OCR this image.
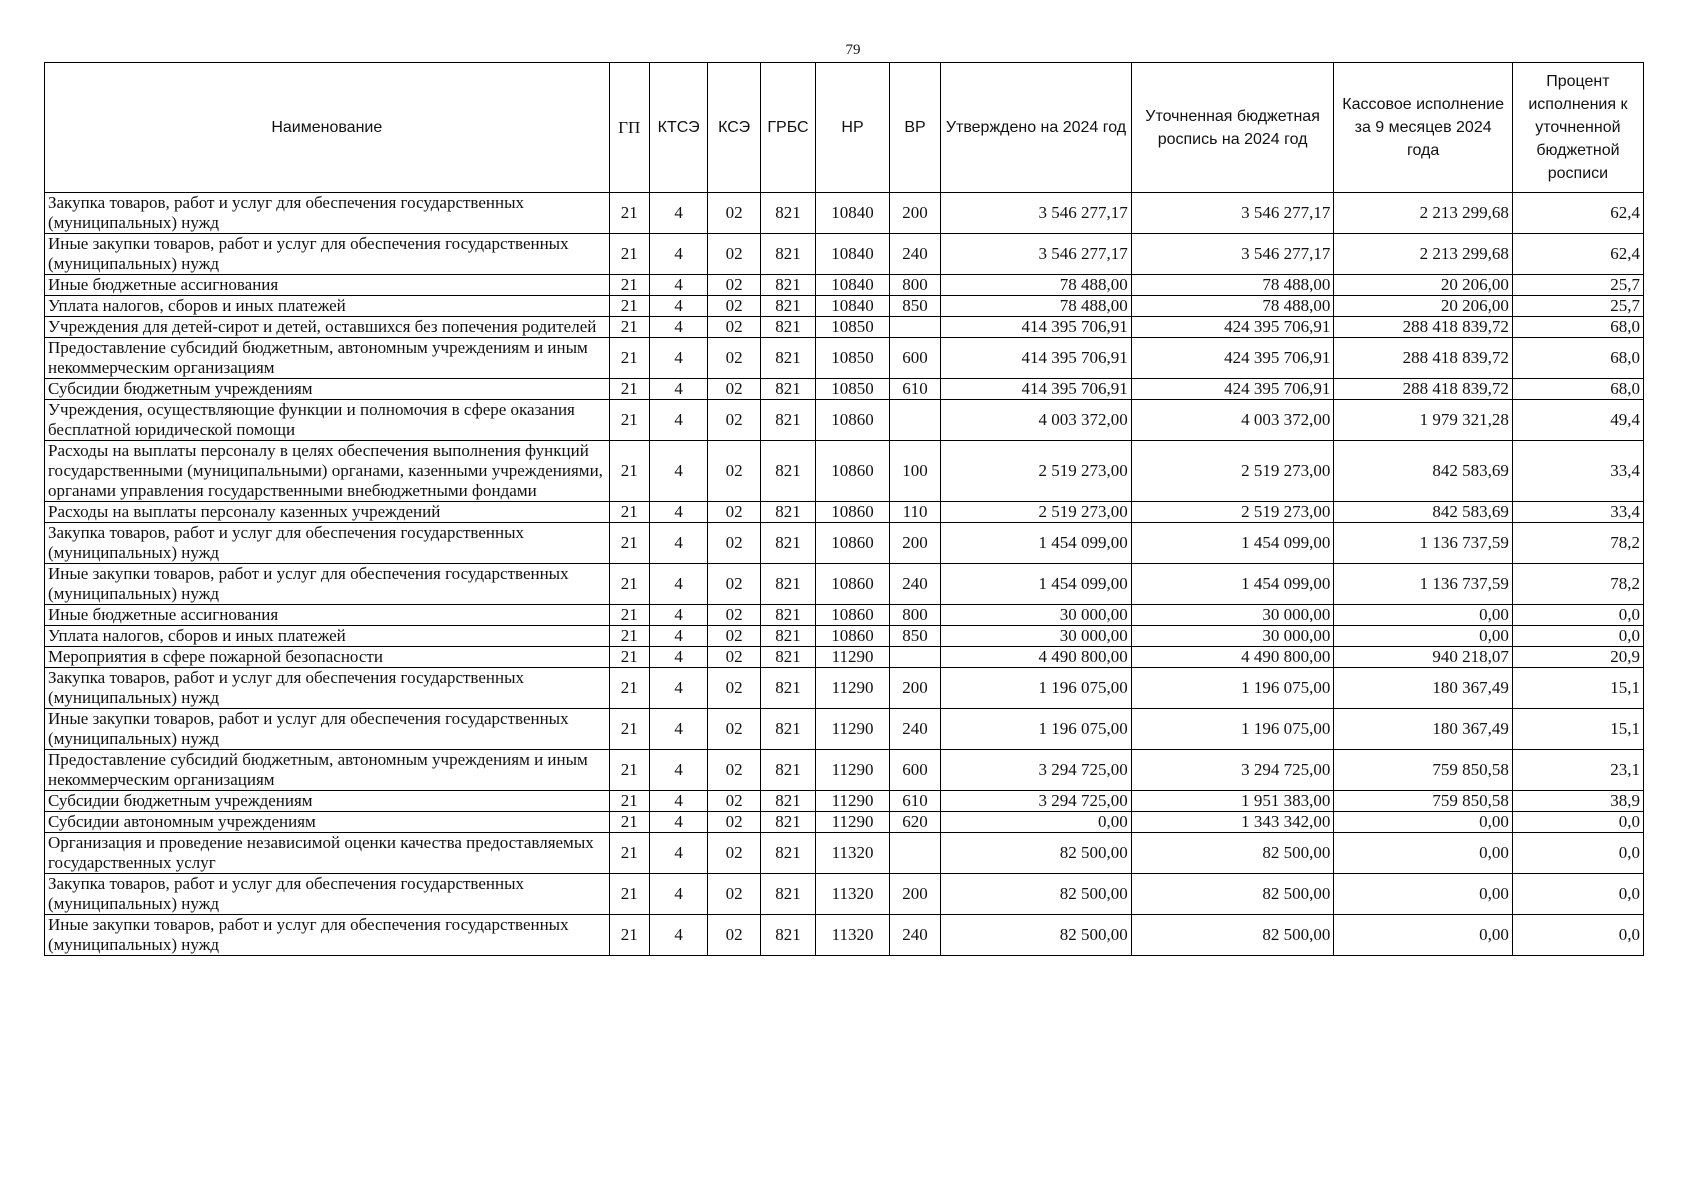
79
Наименование	ГП	КТСЭ	КСЭ	ГРБС	НР	ВР	Утверждено на 2024 год	Уточненная бюджетная роспись на 2024 год	Кассовое исполнение за 9 месяцев 2024 года	Процент исполнения к уточненной бюджетной росписи
Закупка товаров, работ и услуг для обеспечения государственных (муниципальных) нужд	21	4	02	821	10840	200	3 546 277,17	3 546 277,17	2 213 299,68	62,4
Иные закупки товаров, работ и услуг для обеспечения государственных (муниципальных) нужд	21	4	02	821	10840	240	3 546 277,17	3 546 277,17	2 213 299,68	62,4
Иные бюджетные ассигнования	21	4	02	821	10840	800	78 488,00	78 488,00	20 206,00	25,7
Уплата налогов, сборов и иных платежей	21	4	02	821	10840	850	78 488,00	78 488,00	20 206,00	25,7
Учреждения для детей-сирот и детей, оставшихся без попечения родителей	21	4	02	821	10850		414 395 706,91	424 395 706,91	288 418 839,72	68,0
Предоставление субсидий бюджетным, автономным учреждениям и иным некоммерческим организациям	21	4	02	821	10850	600	414 395 706,91	424 395 706,91	288 418 839,72	68,0
Субсидии бюджетным учреждениям	21	4	02	821	10850	610	414 395 706,91	424 395 706,91	288 418 839,72	68,0
Учреждения, осуществляющие функции и полномочия в сфере оказания бесплатной юридической помощи	21	4	02	821	10860		4 003 372,00	4 003 372,00	1 979 321,28	49,4
Расходы на выплаты персоналу в целях обеспечения выполнения функций государственными (муниципальными) органами, казенными учреждениями, органами управления государственными внебюджетными фондами	21	4	02	821	10860	100	2 519 273,00	2 519 273,00	842 583,69	33,4
Расходы на выплаты персоналу казенных учреждений	21	4	02	821	10860	110	2 519 273,00	2 519 273,00	842 583,69	33,4
Закупка товаров, работ и услуг для обеспечения государственных (муниципальных) нужд	21	4	02	821	10860	200	1 454 099,00	1 454 099,00	1 136 737,59	78,2
Иные закупки товаров, работ и услуг для обеспечения государственных (муниципальных) нужд	21	4	02	821	10860	240	1 454 099,00	1 454 099,00	1 136 737,59	78,2
Иные бюджетные ассигнования	21	4	02	821	10860	800	30 000,00	30 000,00	0,00	0,0
Уплата налогов, сборов и иных платежей	21	4	02	821	10860	850	30 000,00	30 000,00	0,00	0,0
Мероприятия в сфере пожарной безопасности	21	4	02	821	11290		4 490 800,00	4 490 800,00	940 218,07	20,9
Закупка товаров, работ и услуг для обеспечения государственных (муниципальных) нужд	21	4	02	821	11290	200	1 196 075,00	1 196 075,00	180 367,49	15,1
Иные закупки товаров, работ и услуг для обеспечения государственных (муниципальных) нужд	21	4	02	821	11290	240	1 196 075,00	1 196 075,00	180 367,49	15,1
Предоставление субсидий бюджетным, автономным учреждениям и иным некоммерческим организациям	21	4	02	821	11290	600	3 294 725,00	3 294 725,00	759 850,58	23,1
Субсидии бюджетным учреждениям	21	4	02	821	11290	610	3 294 725,00	1 951 383,00	759 850,58	38,9
Субсидии автономным учреждениям	21	4	02	821	11290	620	0,00	1 343 342,00	0,00	0,0
Организация и проведение независимой оценки качества предоставляемых государственных услуг	21	4	02	821	11320		82 500,00	82 500,00	0,00	0,0
Закупка товаров, работ и услуг для обеспечения государственных (муниципальных) нужд	21	4	02	821	11320	200	82 500,00	82 500,00	0,00	0,0
Иные закупки товаров, работ и услуг для обеспечения государственных (муниципальных) нужд	21	4	02	821	11320	240	82 500,00	82 500,00	0,00	0,0
